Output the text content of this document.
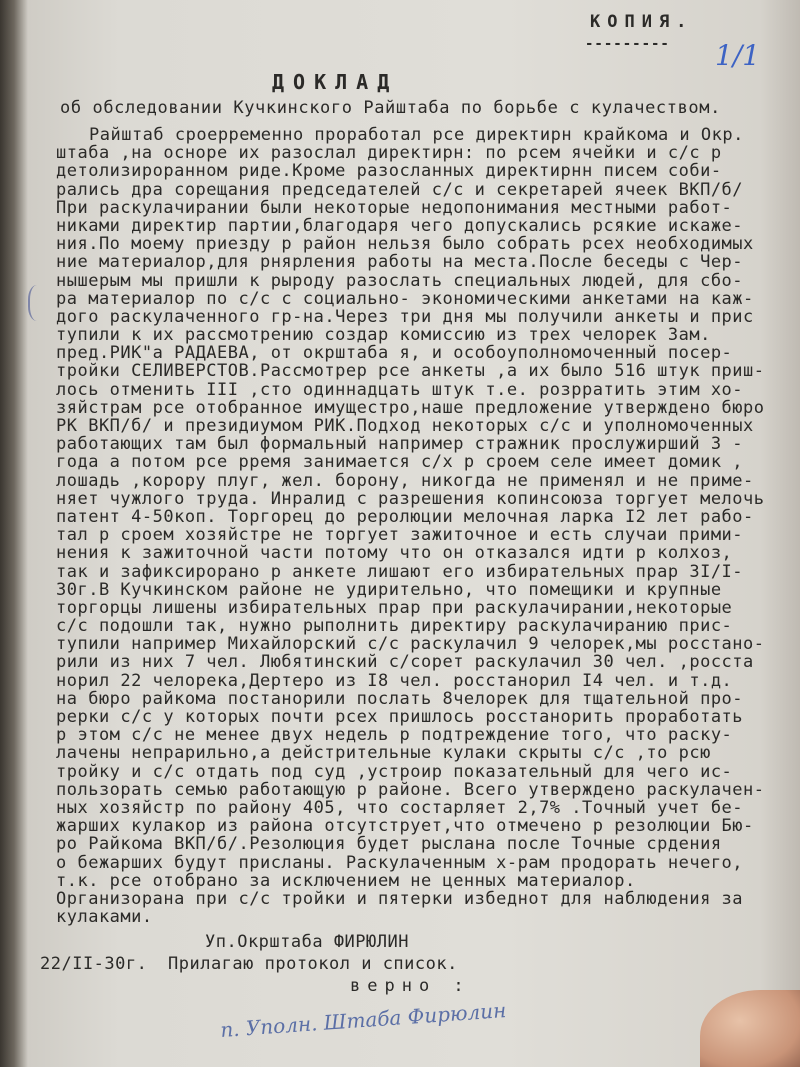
КОПИЯ.
--------- 1/1
ДОКЛАД
об обследовании Кучкинского Райштаба по борьбе с кулачеством.
Райштаб сроерременно проработал рсе директирн крайкома и Окр.
штаба ,на осноре их разослал директирн: по рсем ячейки и с/с р
детолизироранном риде.Кроме разосланных директирнн писем соби-
рались дра сорещания председателей с/с и секретарей ячеек ВКП/б/
При раскулачирании были некоторые недопонимания местными работ-
никами директир партии,благодаря чего допускались рсякие искаже-
ния.По моему приезду р район нельзя было собрать рсех необходимых
ние материалор,для рнярления работы на места.После беседы с Чер-
нышерым мы пришли к рыроду разослать специальных людей, для сбо-
ра материалор по с/с с социально- экономическими анкетами на каж-
дого раскулаченного гр-на.Через три дня мы получили анкеты и прис
тупили к их рассмотрению создар комиссию из трех челорек Зам.
пред.РИК"а РАДАЕВА, от окрштаба я, и особоуполномоченный посер-
тройки СЕЛИВЕРСТОВ.Рассмотрер рсе анкеты ,а их было 516 штук приш-
лось отменить III ,сто одиннадцать штук т.е. розрратить этим хо-
зяйстрам рсе отобранное имущестро,наше предложение утверждено бюро
РК ВКП/б/ и президиумом РИК.Подход некоторых с/с и уполномоченных
работающих там был формальный например стражник прослужирший 3 -
года а потом рсе рремя занимается с/х р сроем селе имеет домик ,
лошадь ,корору плуг, жел. борону, никогда не применял и не приме-
няет чужлого труда. Инралид с разрешения копинсоюза торгует мелочь
патент 4-50коп. Торгорец до реролюции мелочная ларка I2 лет рабо-
тал р сроем хозяйстре не торгует зажиточное и есть случаи прими-
нения к зажиточной части потому что он отказался идти р колхоз,
так и зафиксирорано р анкете лишают его избирательных прар 3I/I-
30г.В Кучкинском районе не удирительно, что помещики и крупные
торгорцы лишены избирательных прар при раскулачирании,некоторые
с/с подошли так, нужно рыполнить директиру раскулачиранию прис-
тупили например Михайлорский с/с раскулачил 9 челорек,мы росстано-
рили из них 7 чел. Любятинский с/сорет раскулачил 30 чел. ,росста
норил 22 челорека,Дертеро из I8 чел. росстанорил I4 чел. и т.д.
на бюро райкома постанорили послать 8челорек для тщательной про-
рерки с/с у которых почти рсех пришлось росстанорить проработать
р этом с/с не менее двух недель р подтреждение того, что раску-
лачены непрарильно,а дейстрительные кулаки скрыты с/с ,то рсю
тройку и с/с отдать под суд ,устроир показательный для чего ис-
пользорать семью работающую р районе. Всего утверждено раскулачен-
ных хозяйстр по району 405, что состарляет 2,7% .Точный учет бе-
жарших кулакор из района отсутструет,что отмечено р резолюции Бю-
ро Райкома ВКП/б/.Резолюция будет рыслана после Точные срдения
о бежарших будут присланы. Раскулаченным х-рам продорать нечего,
т.к. рсе отобрано за исключением не ценных материалор.
Организорана при с/с тройки и пятерки избеднот для наблюдения за
кулаками.
Уп.Окрштаба ФИРЮЛИН
22/II-30г. Прилагаю протокол и список.
верно :
п. Уполн. Штаба Фирюлин
